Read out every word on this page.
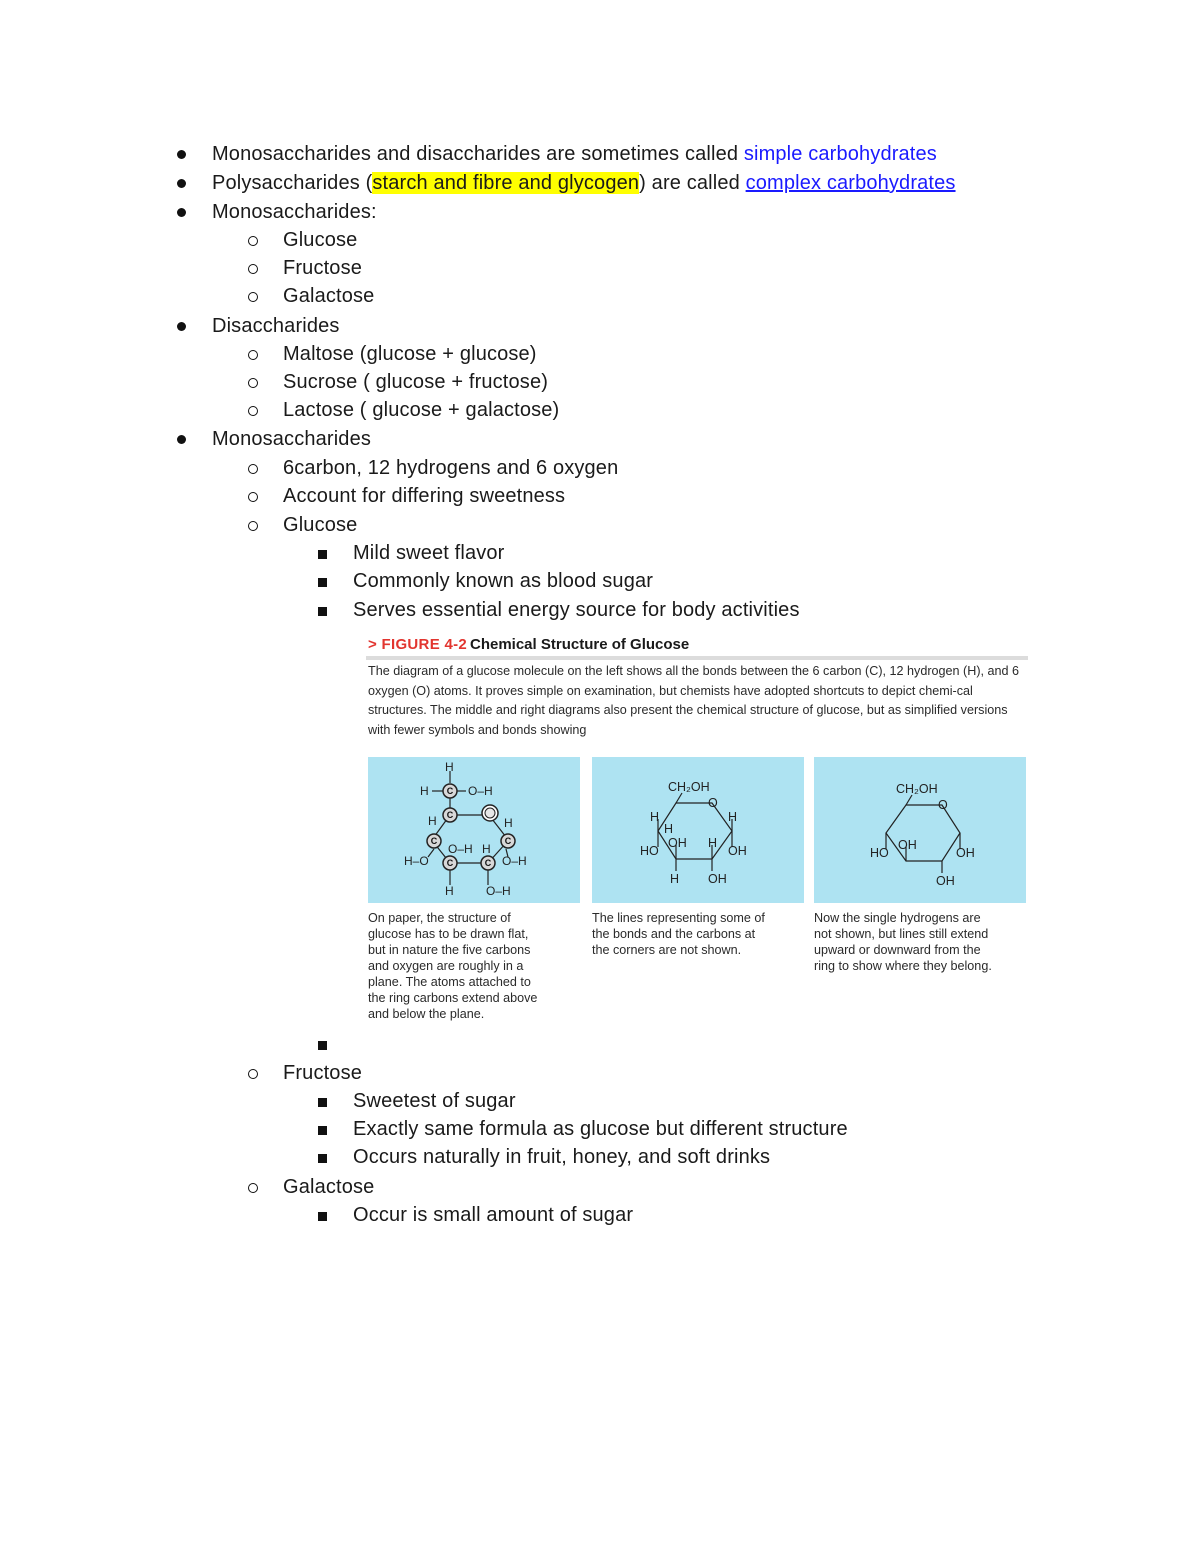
Monosaccharides and disaccharides are sometimes called simple carbohydrates
Polysaccharides (starch and fibre and glycogen) are called complex carbohydrates
Monosaccharides:
Glucose
Fructose
Galactose
Disaccharides
Maltose (glucose + glucose)
Sucrose ( glucose + fructose)
Lactose ( glucose + galactose)
Monosaccharides
6carbon, 12 hydrogens and 6 oxygen
Account for differing sweetness
Glucose
Mild sweet flavor
Commonly known as blood sugar
Serves essential energy source for body activities
> FIGURE 4-2 Chemical Structure of Glucose
The diagram of a glucose molecule on the left shows all the bonds between the 6 carbon (C), 12 hydrogen (H), and 6 oxygen (O) atoms. It proves simple on examination, but chemists have adopted shortcuts to depict chemi-cal structures. The middle and right diagrams also present the chemical structure of glucose, but as simplified versions with fewer symbols and bonds showing
H
H	O–H
H	H
O–H H
H–O	O–H
H	O–H
C
C
C	C
C	C
CH₂OH
O
H
H
H
HO
OH H
OH
H OH
CH₂OH
O
HO
OH
OH
OH
On paper, the structure of
glucose has to be drawn flat,
but in nature the five carbons
and oxygen are roughly in a
plane. The atoms attached to
the ring carbons extend above
and below the plane.
The lines representing some of
the bonds and the carbons at
the corners are not shown.
Now the single hydrogens are
not shown, but lines still extend
upward or downward from the
ring to show where they belong.
Fructose
Sweetest of sugar
Exactly same formula as glucose but different structure
Occurs naturally in fruit, honey, and soft drinks
Galactose
Occur is small amount of sugar
